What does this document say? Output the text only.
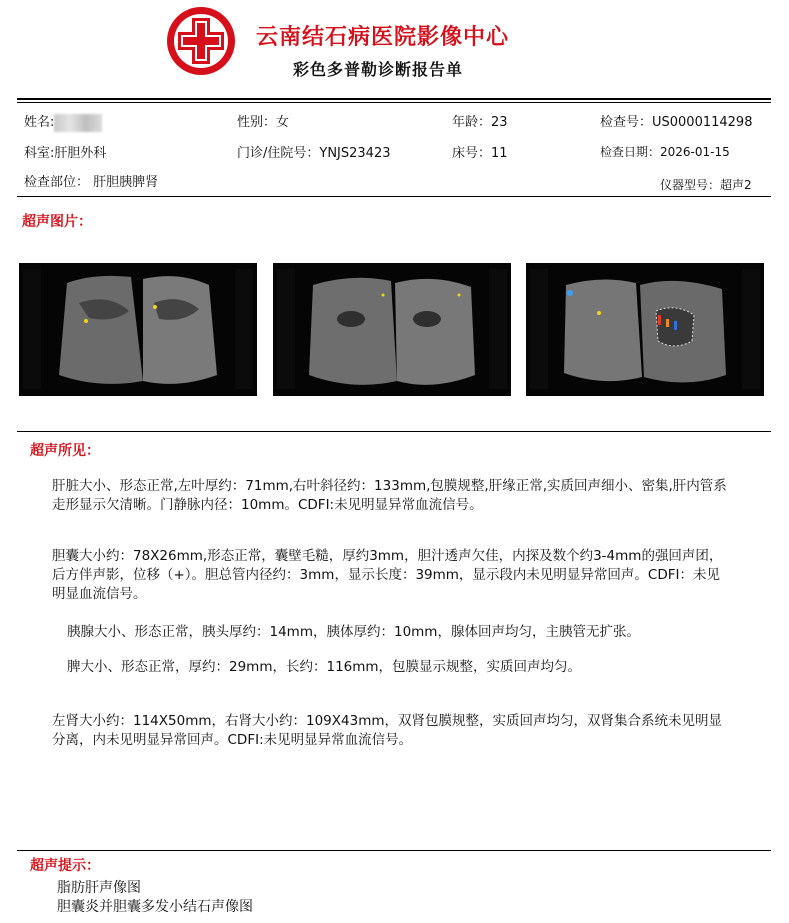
云南结石病医院影像中心
彩色多普勒诊断报告单
姓名:	性别：女	年龄：23	检查号：US0000114298
科室:肝胆外科	门诊/住院号：YNJS23423	床号：11	检查日期：2026-01-15
检查部位： 肝胆胰脾肾	仪器型号：超声2
超声图片：
超声所见：
肝脏大小、形态正常,左叶厚约：71mm,右叶斜径约：133mm,包膜规整,肝缘正常,实质回声细小、密集,肝内管系走形显示欠清晰。门静脉内径：10mm。CDFI:未见明显异常血流信号。
胆囊大小约：78X26mm,形态正常，囊壁毛糙，厚约3mm，胆汁透声欠佳，内探及数个约3-4mm的强回声团，后方伴声影，位移（+）。胆总管内径约：3mm，显示长度：39mm，显示段内未见明显异常回声。CDFI：未见明显血流信号。
胰腺大小、形态正常，胰头厚约：14mm，胰体厚约：10mm，腺体回声均匀，主胰管无扩张。
脾大小、形态正常，厚约：29mm，长约：116mm，包膜显示规整，实质回声均匀。
左肾大小约：114X50mm，右肾大小约：109X43mm，双肾包膜规整，实质回声均匀，双肾集合系统未见明显分离，内未见明显异常回声。CDFI:未见明显异常血流信号。
超声提示：
脂肪肝声像图
胆囊炎并胆囊多发小结石声像图
